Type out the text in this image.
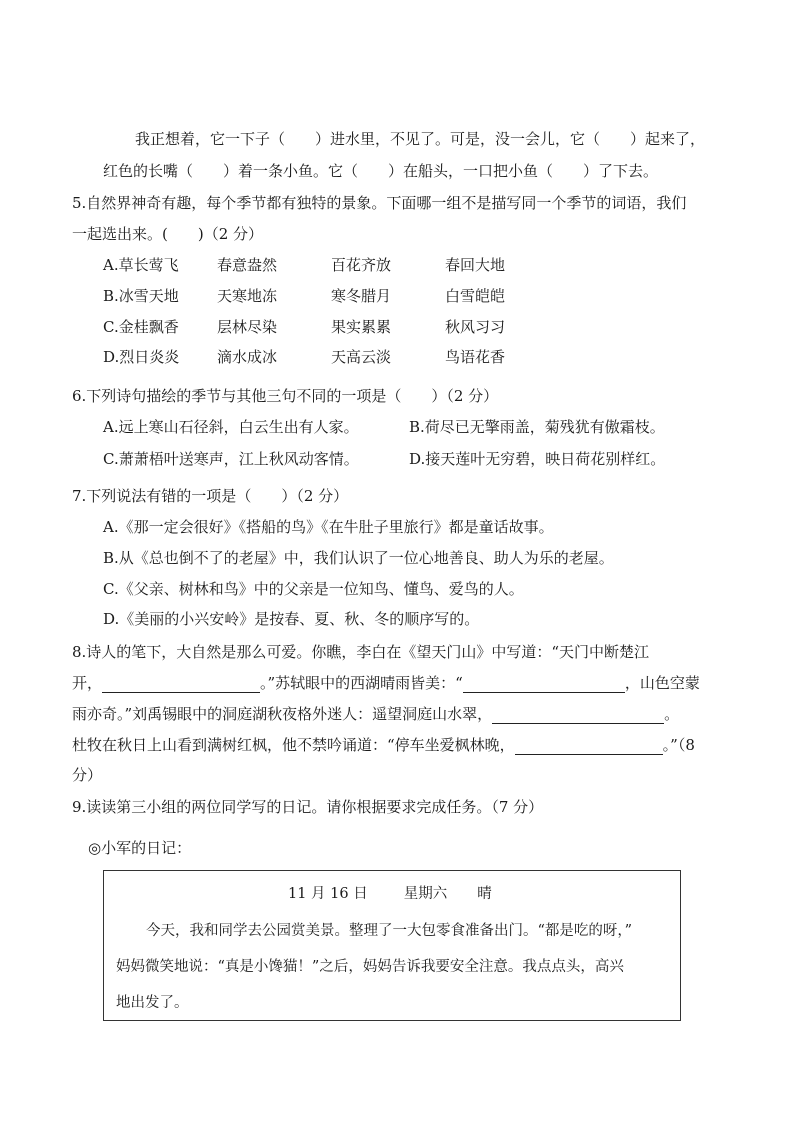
我正想着，它一下子（　　）进水里，不见了。可是，没一会儿，它（　　）起来了，
红色的长嘴（　　）着一条小鱼。它（　　）在船头，一口把小鱼（　　）了下去。
5.自然界神奇有趣，每个季节都有独特的景象。下面哪一组不是描写同一个季节的词语，我们
一起选出来。(　　)（2 分）
A.草长莺飞	春意盎然	百花齐放	春回大地
B.冰雪天地	天寒地冻	寒冬腊月	白雪皑皑
C.金桂飘香	层林尽染	果实累累	秋风习习
D.烈日炎炎	滴水成冰	天高云淡	鸟语花香
6.下列诗句描绘的季节与其他三句不同的一项是（　　）（2 分）
A.远上寒山石径斜，白云生出有人家。	B.荷尽已无擎雨盖，菊残犹有傲霜枝。
C.萧萧梧叶送寒声，江上秋风动客情。	D.接天莲叶无穷碧，映日荷花别样红。
7.下列说法有错的一项是（　　）（2 分）
A.《那一定会很好》《搭船的鸟》《在牛肚子里旅行》都是童话故事。
B.从《总也倒不了的老屋》中，我们认识了一位心地善良、助人为乐的老屋。
C.《父亲、树林和鸟》中的父亲是一位知鸟、懂鸟、爱鸟的人。
D.《美丽的小兴安岭》是按春、夏、秋、冬的顺序写的。
8.诗人的笔下，大自然是那么可爱。你瞧，李白在《望天门山》中写道：“天门中断楚江
开，	。”苏轼眼中的西湖晴雨皆美：“	，山色空蒙
雨亦奇。”刘禹锡眼中的洞庭湖秋夜格外迷人：遥望洞庭山水翠，	。
杜牧在秋日上山看到满树红枫，他不禁吟诵道：“停车坐爱枫林晚，	。”（8
分）
9.读读第三小组的两位同学写的日记。请你根据要求完成任务。（7 分）
◎小军的日记：
11 月 16 日 星期六 晴
今天，我和同学去公园赏美景。整理了一大包零食准备出门。“都是吃的呀，”
妈妈微笑地说：“真是小馋猫！”之后，妈妈告诉我要安全注意。我点点头，高兴
地出发了。
